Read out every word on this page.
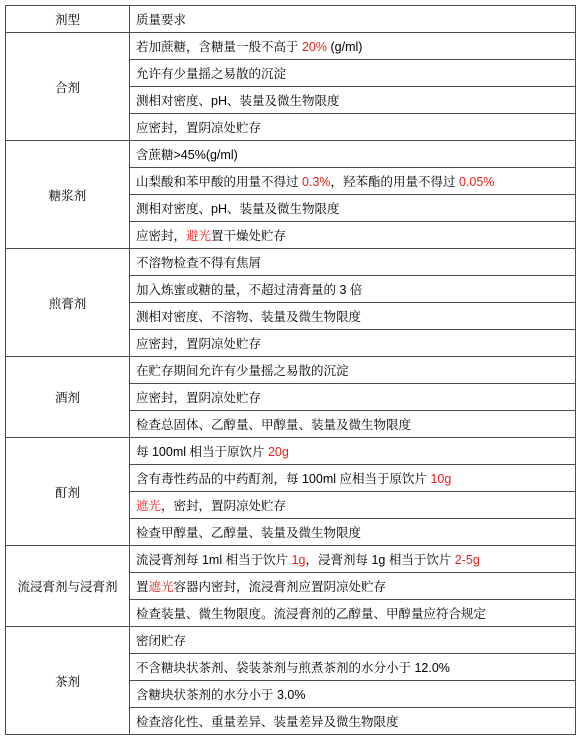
剂型	质量要求
合剂	若加蔗糖，含糖量一般不高于 20% (g/ml)
	允许有少量摇之易散的沉淀
	测相对密度、pH、装量及微生物限度
	应密封，置阴凉处贮存
糖浆剂	含蔗糖>45%(g/ml)
	山梨酸和苯甲酸的用量不得过 0.3%，羟苯酯的用量不得过 0.05%
	测相对密度、pH、装量及微生物限度
	应密封，避光置干燥处贮存
煎膏剂	不溶物检查不得有焦屑
	加入炼蜜或糖的量，不超过清膏量的 3 倍
	测相对密度、不溶物、装量及微生物限度
	应密封，置阴凉处贮存
酒剂	在贮存期间允许有少量摇之易散的沉淀
	应密封，置阴凉处贮存
	检查总固体、乙醇量、甲醇量、装量及微生物限度
酊剂	每 100ml 相当于原饮片 20g
	含有毒性药品的中药酊剂，每 100ml 应相当于原饮片 10g
	遮光，密封，置阴凉处贮存
	检查甲醇量、乙醇量、装量及微生物限度
流浸膏剂与浸膏剂	流浸膏剂每 1ml 相当于饮片 1g，浸膏剂每 1g 相当于饮片 2-5g
	置遮光容器内密封，流浸膏剂应置阴凉处贮存
	检查装量、微生物限度。流浸膏剂的乙醇量、甲醇量应符合规定
茶剂	密闭贮存
	不含糖块状茶剂、袋装茶剂与煎煮茶剂的水分小于 12.0%
	含糖块状茶剂的水分小于 3.0%
	检查溶化性、重量差异、装量差异及微生物限度
